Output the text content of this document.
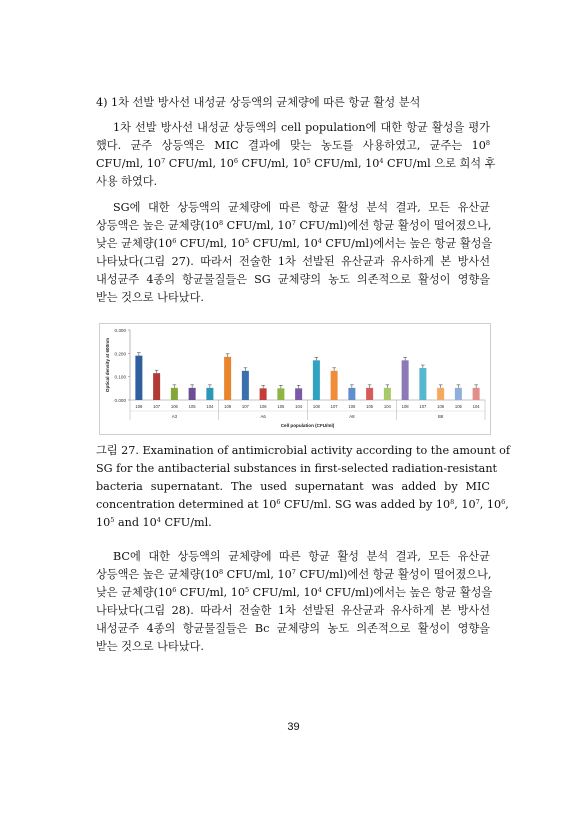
4) 1차 선발 방사선 내성균 상등액의 균체량에 따른 항균 활성 분석
1차 선발 방사선 내성균 상등액의 cell population에 대한 항균 활성을 평가
했다. 균주 상등액은 MIC 결과에 맞는 농도를 사용하였고, 균주는 $10^8$
CFU/ml, $10^7$ CFU/ml, $10^6$ CFU/ml, $10^5$ CFU/ml, $10^4$ CFU/ml 으로 희석 후
사용 하였다.
SG에 대한 상등액의 균체량에 따른 항균 활성 분석 결과, 모든 유산균
상등액은 높은 균체량($10^8$ CFU/ml, $10^7$ CFU/ml)에선 항균 활성이 떨어졌으나,
낮은 균체량($10^6$ CFU/ml, $10^5$ CFU/ml, $10^4$ CFU/ml)에서는 높은 항균 활성을
나타났다(그림 27). 따라서 전술한 1차 선발된 유산균과 유사하게 본 방사선
내성균주 4종의 항균물질들은 SG 균체량의 농도 의존적으로 활성이 영향을
받는 것으로 나타났다.
0.000
0.100
0.200
0.300
Optical density at 600nm
108	107	106	105	104
A3
108	107	106	105	104
A6
108	107	106	105	104
A8
108	107	106	105	104
B8
Cell population (CFU/ml)
그림 27. Examination of antimicrobial activity according to the amount of
SG for the antibacterial substances in first-selected radiation-resistant
bacteria supernatant. The used supernatant was added by MIC
concentration determined at $10^6$ CFU/ml. SG was added by $10^8$, $10^7$, $10^6$,
$10^5$ and $10^4$ CFU/ml.
BC에 대한 상등액의 균체량에 따른 항균 활성 분석 결과, 모든 유산균
상등액은 높은 균체량($10^8$ CFU/ml, $10^7$ CFU/ml)에선 항균 활성이 떨어졌으나,
낮은 균체량($10^6$ CFU/ml, $10^5$ CFU/ml, $10^4$ CFU/ml)에서는 높은 항균 활성을
나타났다(그림 28). 따라서 전술한 1차 선발된 유산균과 유사하게 본 방사선
내성균주 4종의 항균물질들은 Bc 균체량의 농도 의존적으로 활성이 영향을
받는 것으로 나타났다.
39
